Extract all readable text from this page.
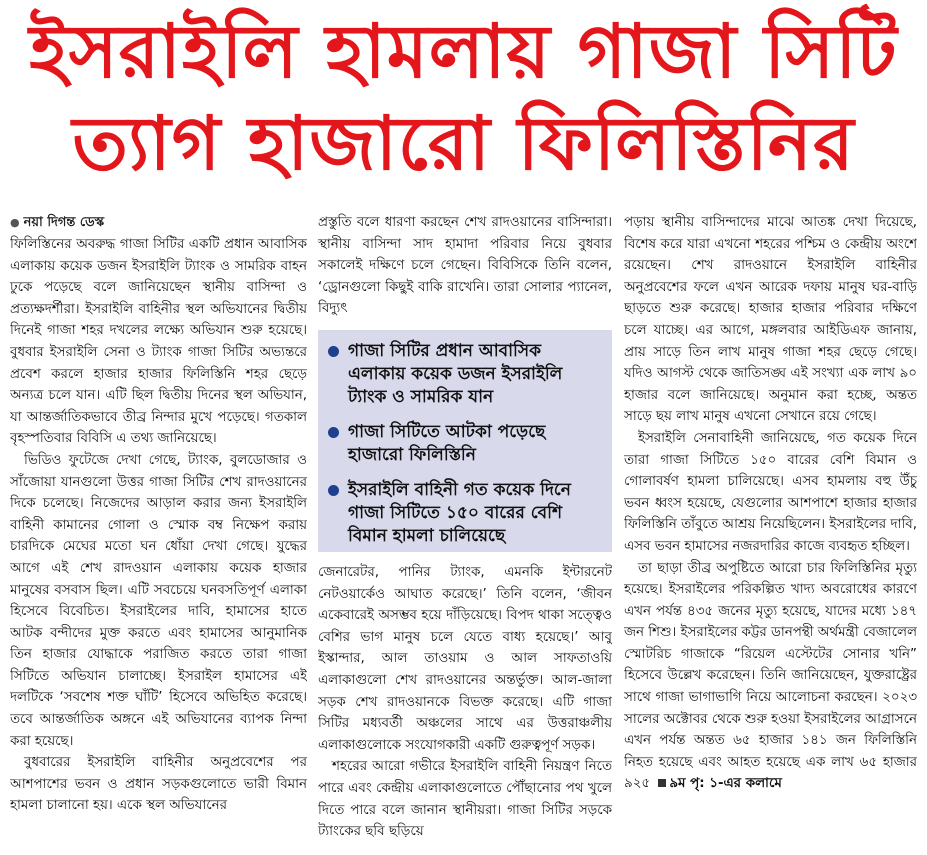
ইসরাইলি হামলায় গাজা সিটি
ত্যাগ হাজারো ফিলিস্তিনির
● নয়া দিগন্ত ডেস্ক

ফিলিস্তিনের অবরুদ্ধ গাজা সিটির একটি প্রধান আবাসিক এলাকায় কয়েক ডজন ইসরাইলি ট্যাংক ও সামরিক বাহন ঢুকে পড়েছে বলে জানিয়েছেন স্থানীয় বাসিন্দা ও প্রত্যক্ষদর্শীরা। ইসরাইলি বাহিনীর স্থল অভিযানের দ্বিতীয় দিনেই গাজা শহর দখলের লক্ষ্যে অভিযান শুরু হয়েছে। বুধবার ইসরাইলি সেনা ও ট্যাংক গাজা সিটির অভ্যন্তরে প্রবেশ করলে হাজার হাজার ফিলিস্তিনি শহর ছেড়ে অন্যত্র চলে যান। এটি ছিল দ্বিতীয় দিনের স্থল অভিযান, যা আন্তর্জাতিকভাবে তীব্র নিন্দার মুখে পড়েছে। গতকাল বৃহস্পতিবার বিবিসি এ তথ্য জানিয়েছে।

ভিডিও ফুটেজে দেখা গেছে, ট্যাংক, বুলডোজার ও সাঁজোয়া যানগুলো উত্তর গাজা সিটির শেখ রাদওয়ানের দিকে চলেছে। নিজেদের আড়াল করার জন্য ইসরাইলি বাহিনী কামানের গোলা ও স্মোক বম্ব নিক্ষেপ করায় চারদিকে মেঘের মতো ঘন ধোঁয়া দেখা গেছে। যুদ্ধের আগে এই শেখ রাদওয়ান এলাকায় কয়েক হাজার মানুষের বসবাস ছিল। এটি সবচেয়ে ঘনবসতিপূর্ণ এলাকা হিসেবে বিবেচিত। ইসরাইলের দাবি, হামাসের হাতে আটক বন্দীদের মুক্ত করতে এবং হামাসের আনুমানিক তিন হাজার যোদ্ধাকে পরাজিত করতে তারা গাজা সিটিতে অভিযান চালাচ্ছে। ইসরাইল হামাসের এই দলটিকে ‘সবশেষ শক্ত ঘাঁটি’ হিসেবে অভিহিত করেছে। তবে আন্তর্জাতিক অঙ্গনে এই অভিযানের ব্যাপক নিন্দা করা হয়েছে।

বুধবারের ইসরাইলি বাহিনীর অনুপ্রবেশের পর আশপাশের ভবন ও প্রধান সড়কগুলোতে ভারী বিমান হামলা চালানো হয়। একে স্থল অভিযানের

প্রস্তুতি বলে ধারণা করছেন শেখ রাদওয়ানের বাসিন্দারা। স্থানীয় বাসিন্দা সাদ হামাদা পরিবার নিয়ে বুধবার সকালেই দক্ষিণে চলে গেছেন। বিবিসিকে তিনি বলেন, ‘ড্রোনগুলো কিছুই বাকি রাখেনি। তারা সোলার প্যানেল, বিদ্যুৎ

গাজা সিটির প্রধান আবাসিক এলাকায় কয়েক ডজন ইসরাইলি ট্যাংক ও সামরিক যান
গাজা সিটিতে আটকা পড়েছে হাজারো ফিলিস্তিনি
ইসরাইলি বাহিনী গত কয়েক দিনে গাজা সিটিতে ১৫০ বারের বেশি বিমান হামলা চালিয়েছে

জেনারেটর, পানির ট্যাংক, এমনকি ইন্টারনেট নেটওয়ার্কেও আঘাত করেছে।’ তিনি বলেন, ‘জীবন একেবারেই অসম্ভব হয়ে দাঁড়িয়েছে। বিপদ থাকা সত্ত্বেও বেশির ভাগ মানুষ চলে যেতে বাধ্য হয়েছে।’ আবু ইস্কান্দার, আল তাওয়াম ও আল সাফতাওয়ি এলাকাগুলো শেখ রাদওয়ানের অন্তর্ভুক্ত। আল-জালা সড়ক শেখ রাদওয়ানকে বিভক্ত করেছে। এটি গাজা সিটির মধ্যবর্তী অঞ্চলের সাথে এর উত্তরাঞ্চলীয় এলাকাগুলোকে সংযোগকারী একটি গুরুত্বপূর্ণ সড়ক।

শহরের আরো গভীরে ইসরাইলি বাহিনী নিয়ন্ত্রণ নিতে পারে এবং কেন্দ্রীয় এলাকাগুলোতে পৌঁছানোর পথ খুলে দিতে পারে বলে জানান স্থানীয়রা। গাজা সিটির সড়কে ট্যাংকের ছবি ছড়িয়ে

পড়ায় স্থানীয় বাসিন্দাদের মাঝে আতঙ্ক দেখা দিয়েছে, বিশেষ করে যারা এখনো শহরের পশ্চিম ও কেন্দ্রীয় অংশে রয়েছেন। শেখ রাদওয়ানে ইসরাইলি বাহিনীর অনুপ্রবেশের ফলে এখন আরেক দফায় মানুষ ঘর-বাড়ি ছাড়তে শুরু করেছে। হাজার হাজার পরিবার দক্ষিণে চলে যাচ্ছে। এর আগে, মঙ্গলবার আইডিএফ জানায়, প্রায় সাড়ে তিন লাখ মানুষ গাজা শহর ছেড়ে গেছে। যদিও আগস্ট থেকে জাতিসঙ্ঘ এই সংখ্যা এক লাখ ৯০ হাজার বলে জানিয়েছে। অনুমান করা হচ্ছে, অন্তত সাড়ে ছয় লাখ মানুষ এখনো সেখানে রয়ে গেছে।

ইসরাইলি সেনাবাহিনী জানিয়েছে, গত কয়েক দিনে তারা গাজা সিটিতে ১৫০ বারের বেশি বিমান ও গোলাবর্ষণ হামলা চালিয়েছে। এসব হামলায় বহু উঁচু ভবন ধ্বংস হয়েছে, যেগুলোর আশপাশে হাজার হাজার ফিলিস্তিনি তাঁবুতে আশ্রয় নিয়েছিলেন। ইসরাইলের দাবি, এসব ভবন হামাসের নজরদারির কাজে ব্যবহৃত হচ্ছিল।

তা ছাড়া তীব্র অপুষ্টিতে আরো চার ফিলিস্তিনির মৃত্যু হয়েছে। ইসরাইলের পরিকল্পিত খাদ্য অবরোধের কারণে এখন পর্যন্ত ৪৩৫ জনের মৃত্যু হয়েছে, যাদের মধ্যে ১৪৭ জন শিশু। ইসরাইলের কট্টর ডানপন্থী অর্থমন্ত্রী বেজালেল স্মোটরিচ গাজাকে “রিয়েল এস্টেটের সোনার খনি” হিসেবে উল্লেখ করেছেন। তিনি জানিয়েছেন, যুক্তরাষ্ট্রের সাথে গাজা ভাগাভাগি নিয়ে আলোচনা করছেন। ২০২৩ সালের অক্টোবর থেকে শুরু হওয়া ইসরাইলের আগ্রাসনে এখন পর্যন্ত অন্তত ৬৫ হাজার ১৪১ জন ফিলিস্তিনি নিহত হয়েছে এবং আহত হয়েছে এক লাখ ৬৫ হাজার ৯২৫ ৯ম পৃ: ১-এর কলামে
